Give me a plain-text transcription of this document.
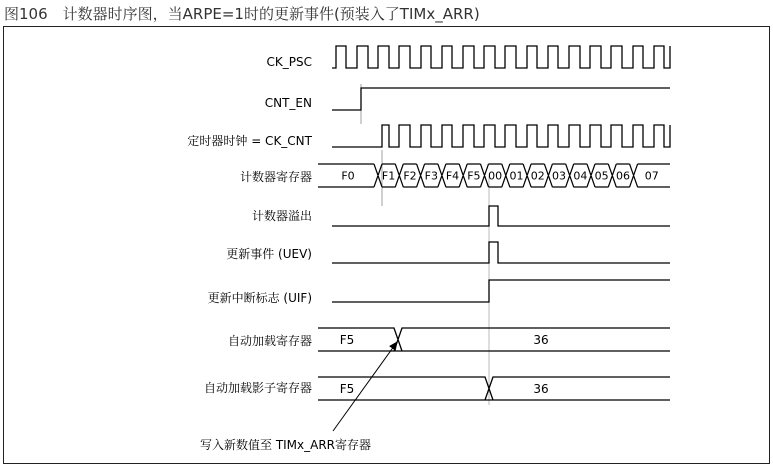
图106　计数器时序图，当ARPE=1时的更新事件(预装入了TIMx_ARR)
CK_PSC
CNT_EN
定时器时钟 = CK_CNT
计数器寄存器
计数器溢出
更新事件 (UEV)
更新中断标志 (UIF)
自动加载寄存器
自动加载影子寄存器
F0 F1 F2 F3 F4 F5 00 01 02 03 04 05 06 07
F5	36
F5	36
写入新数值至 TIMx_ARR寄存器
